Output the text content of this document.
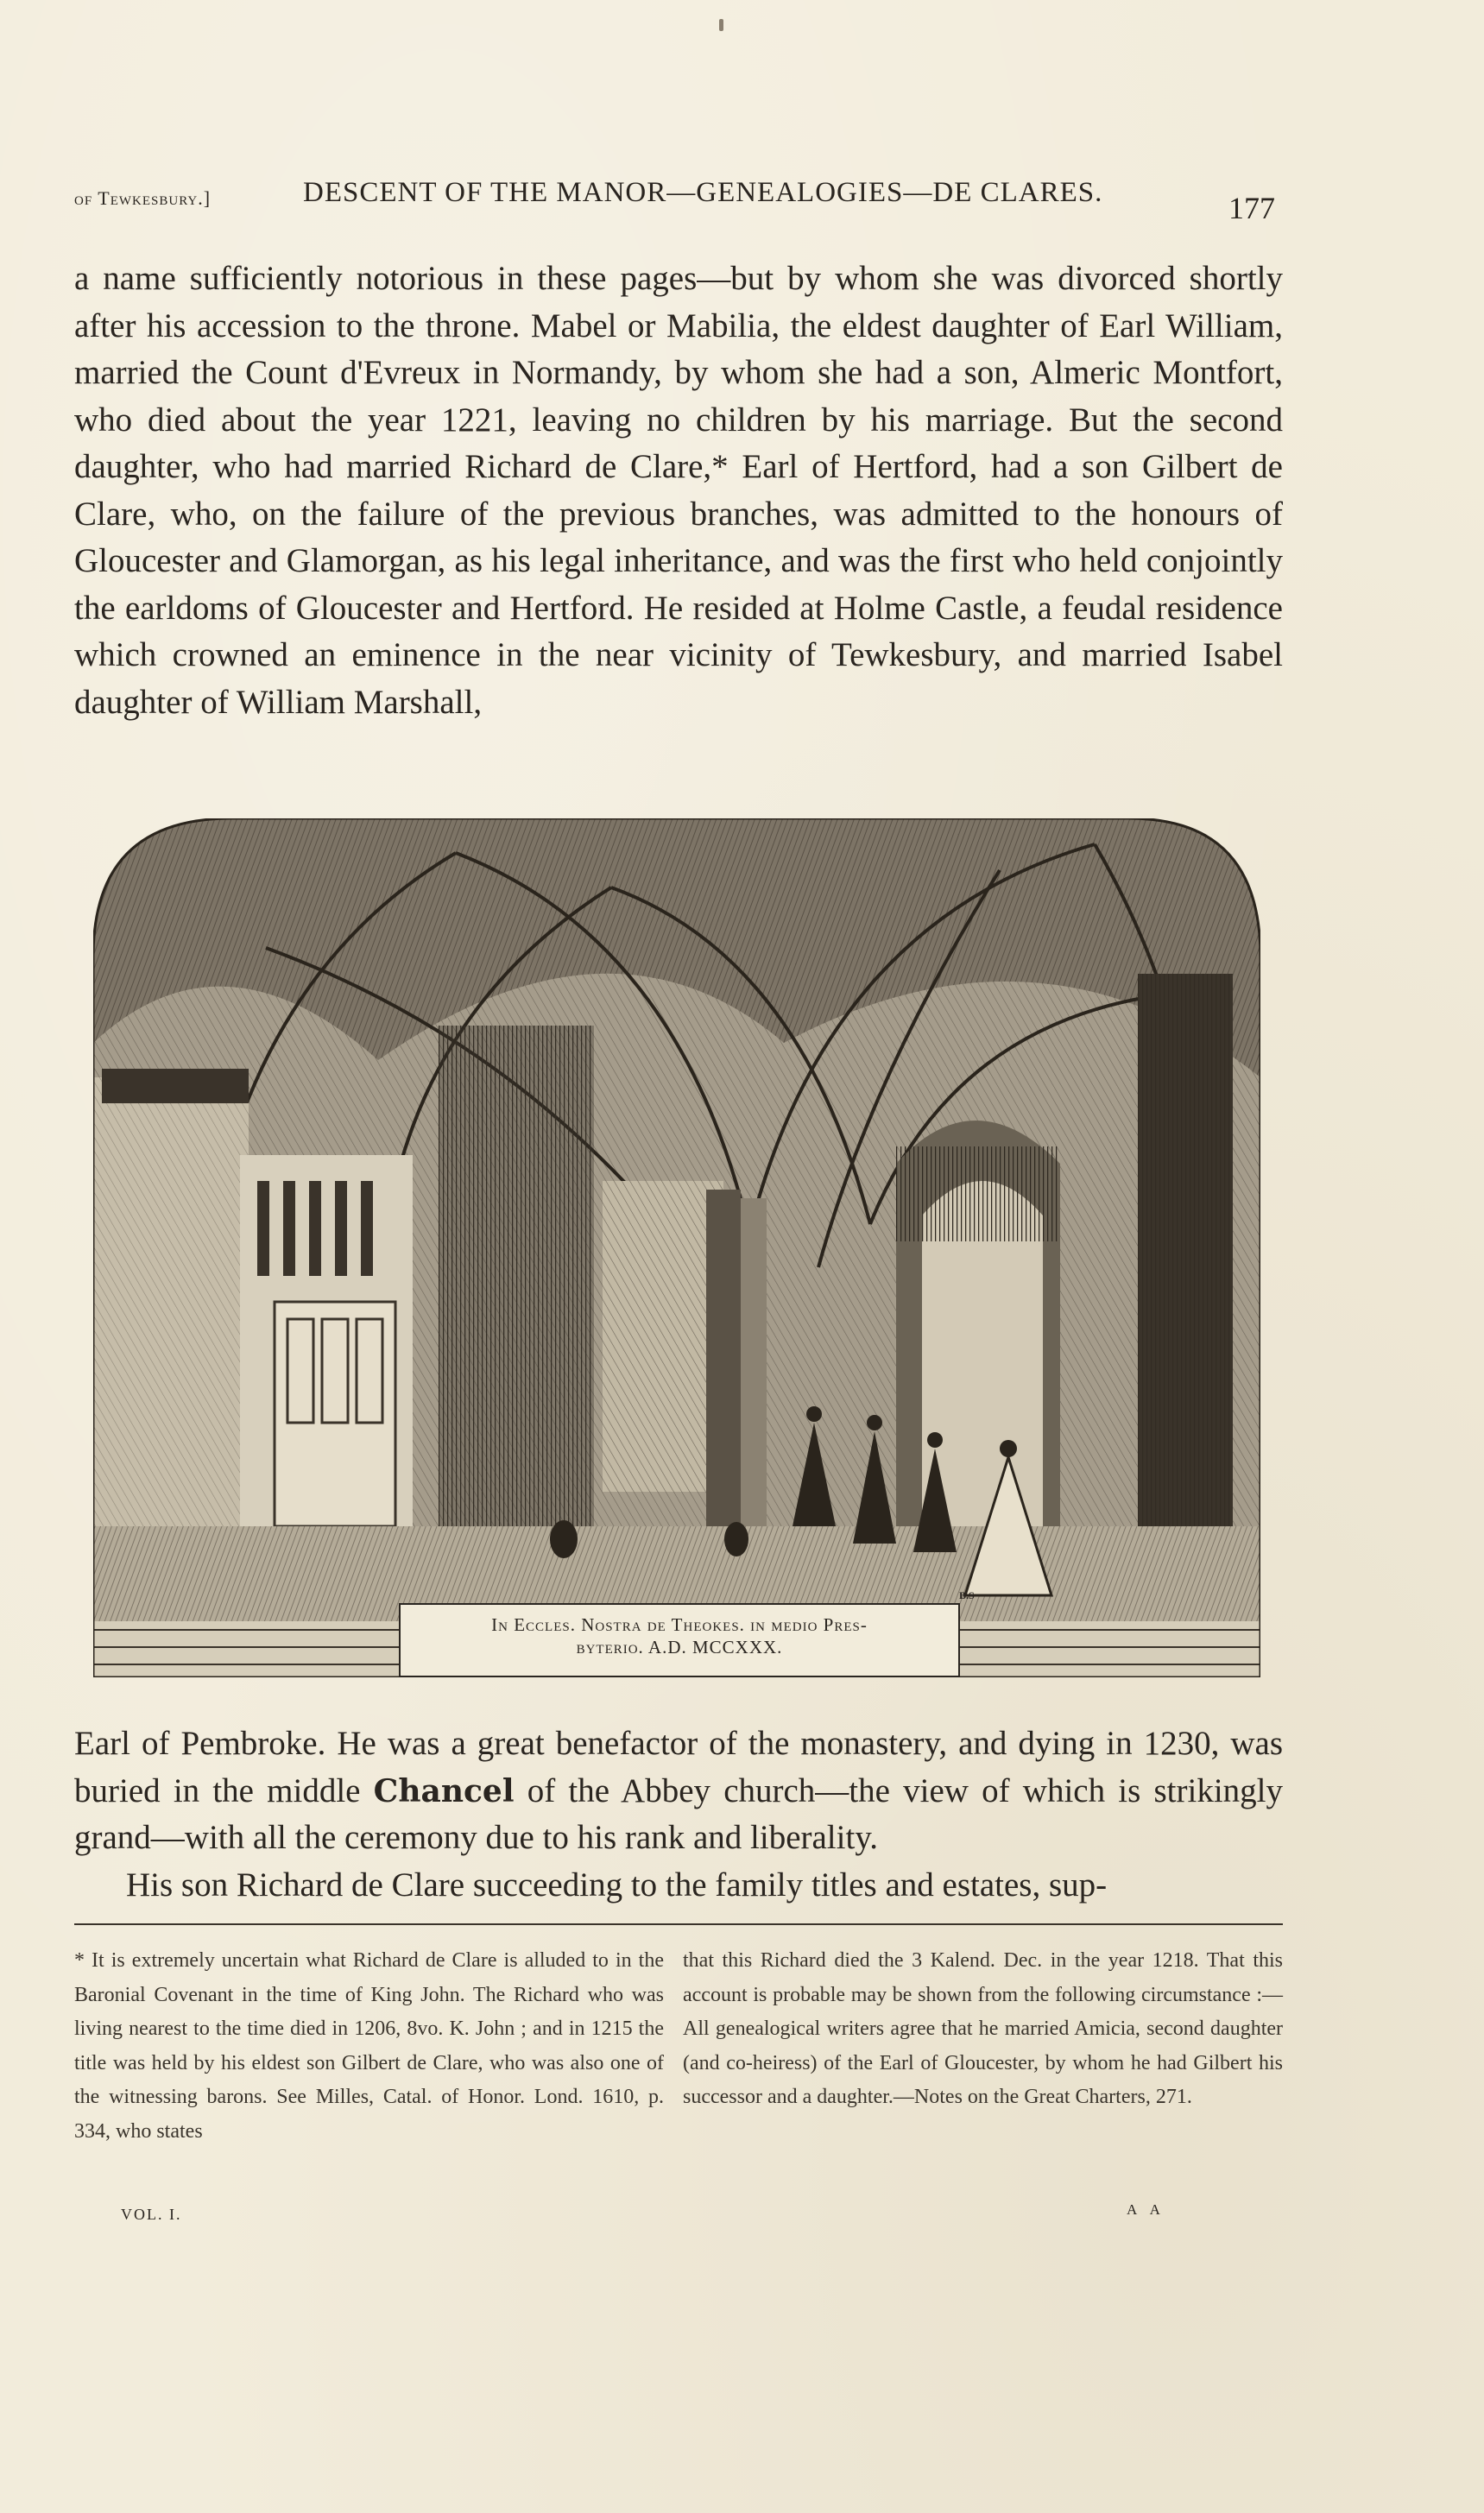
of Tewkesbury.]	DESCENT OF THE MANOR—GENEALOGIES—DE CLARES.	177

a name sufficiently notorious in these pages—but by whom she was divorced shortly after his accession to the throne. Mabel or Mabilia, the eldest daughter of Earl William, married the Count d'Evreux in Normandy, by whom she had a son, Almeric Montfort, who died about the year 1221, leaving no children by his marriage. But the second daughter, who had married Richard de Clare,* Earl of Hertford, had a son Gilbert de Clare, who, on the failure of the previous branches, was admitted to the honours of Gloucester and Glamorgan, as his legal inheritance, and was the first who held conjointly the earldoms of Gloucester and Hertford. He resided at Holme Castle, a feudal residence which crowned an eminence in the near vicinity of Tewkesbury, and married Isabel daughter of William Marshall,

B.S
In Eccles. Nostra de Theokes. in medio Pres-
byterio. A.D. MCCXXX.

Earl of Pembroke. He was a great benefactor of the monastery, and dying in 1230, was buried in the middle Chancel of the Abbey church—the view of which is strikingly grand—with all the ceremony due to his rank and liberality.

His son Richard de Clare succeeding to the family titles and estates, sup-

* It is extremely uncertain what Richard de Clare is alluded to in the Baronial Covenant in the time of King John. The Richard who was living nearest to the time died in 1206, 8vo. K. John ; and in 1215 the title was held by his eldest son Gilbert de Clare, who was also one of the witnessing barons. See Milles, Catal. of Honor. Lond. 1610, p. 334, who states

that this Richard died the 3 Kalend. Dec. in the year 1218. That this account is probable may be shown from the following circumstance :—All genealogical writers agree that he married Amicia, second daughter (and co-heiress) of the Earl of Gloucester, by whom he had Gilbert his successor and a daughter.—Notes on the Great Charters, 271.

VOL. I.	A A
